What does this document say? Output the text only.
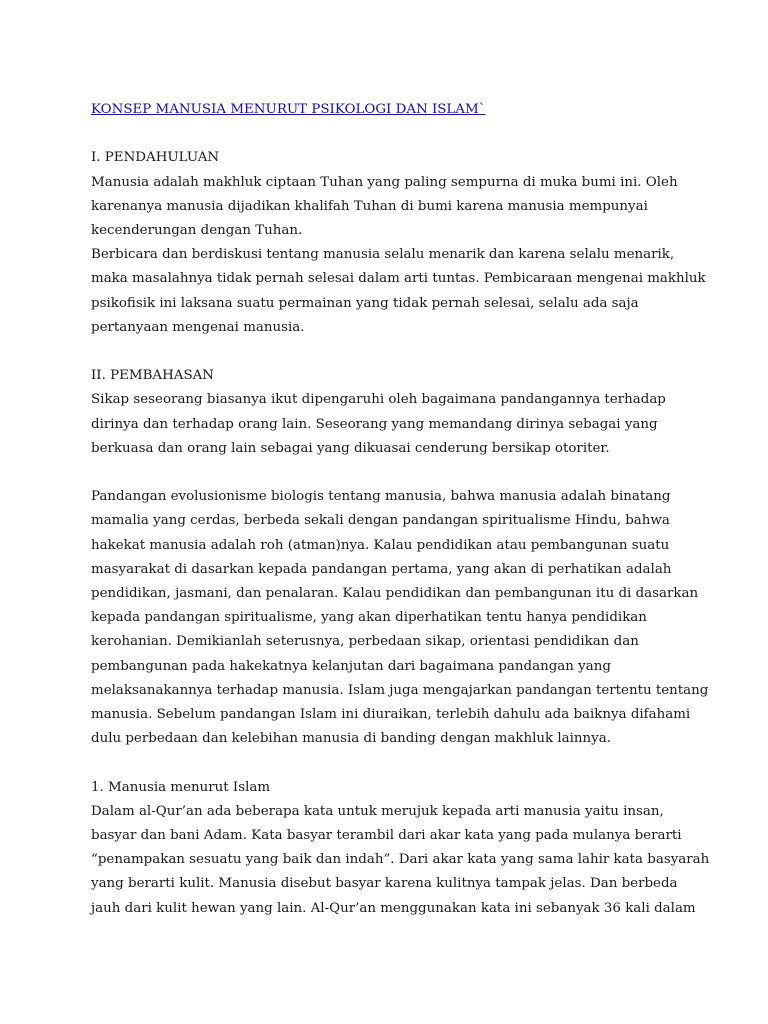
KONSEP MANUSIA MENURUT PSIKOLOGI DAN ISLAM`
I. PENDAHULUAN
Manusia adalah makhluk ciptaan Tuhan yang paling sempurna di muka bumi ini. Oleh
karenanya manusia dijadikan khalifah Tuhan di bumi karena manusia mempunyai
kecenderungan dengan Tuhan.
Berbicara dan berdiskusi tentang manusia selalu menarik dan karena selalu menarik,
maka masalahnya tidak pernah selesai dalam arti tuntas. Pembicaraan mengenai makhluk
psikofisik ini laksana suatu permainan yang tidak pernah selesai, selalu ada saja
pertanyaan mengenai manusia.
II. PEMBAHASAN
Sikap seseorang biasanya ikut dipengaruhi oleh bagaimana pandangannya terhadap
dirinya dan terhadap orang lain. Seseorang yang memandang dirinya sebagai yang
berkuasa dan orang lain sebagai yang dikuasai cenderung bersikap otoriter.
Pandangan evolusionisme biologis tentang manusia, bahwa manusia adalah binatang
mamalia yang cerdas, berbeda sekali dengan pandangan spiritualisme Hindu, bahwa
hakekat manusia adalah roh (atman)nya. Kalau pendidikan atau pembangunan suatu
masyarakat di dasarkan kepada pandangan pertama, yang akan di perhatikan adalah
pendidikan, jasmani, dan penalaran. Kalau pendidikan dan pembangunan itu di dasarkan
kepada pandangan spiritualisme, yang akan diperhatikan tentu hanya pendidikan
kerohanian. Demikianlah seterusnya, perbedaan sikap, orientasi pendidikan dan
pembangunan pada hakekatnya kelanjutan dari bagaimana pandangan yang
melaksanakannya terhadap manusia. Islam juga mengajarkan pandangan tertentu tentang
manusia. Sebelum pandangan Islam ini diuraikan, terlebih dahulu ada baiknya difahami
dulu perbedaan dan kelebihan manusia di banding dengan makhluk lainnya.
1. Manusia menurut Islam
Dalam al-Qur’an ada beberapa kata untuk merujuk kepada arti manusia yaitu insan,
basyar dan bani Adam. Kata basyar terambil dari akar kata yang pada mulanya berarti
“penampakan sesuatu yang baik dan indah”. Dari akar kata yang sama lahir kata basyarah
yang berarti kulit. Manusia disebut basyar karena kulitnya tampak jelas. Dan berbeda
jauh dari kulit hewan yang lain. Al-Qur’an menggunakan kata ini sebanyak 36 kali dalam
